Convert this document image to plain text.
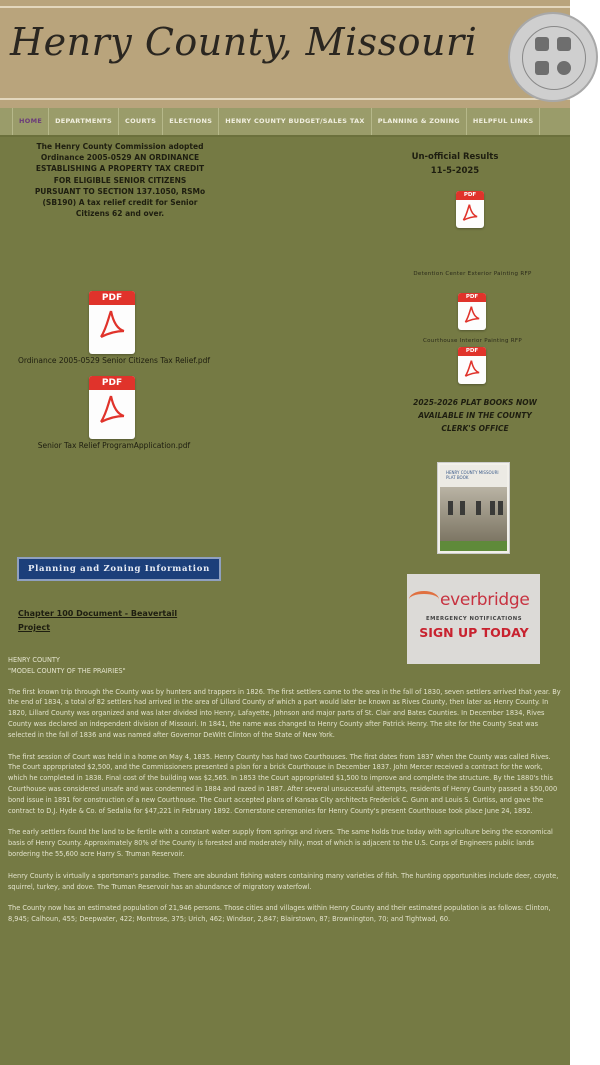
Henry County, Missouri
HOME	DEPARTMENTS	COURTS	ELECTIONS	HENRY COUNTY BUDGET/SALES TAX	PLANNING & ZONING	HELPFUL LINKS
The Henry County Commission adopted Ordinance 2005-0529 AN ORDINANCE ESTABLISHING A PROPERTY TAX CREDIT FOR ELIGIBLE SENIOR CITIZENS PURSUANT TO SECTION 137.1050, RSMo (SB190) A tax relief credit for Senior Citizens 62 and over.
PDF
Ordinance 2005-0529 Senior Citizens Tax Relief.pdf
PDF
Senior Tax Relief ProgramApplication.pdf
Planning and Zoning Information
Chapter 100 Document - Beavertail Project
Un-official Results
11-5-2025
PDF
Detention Center Exterior Painting RFP
PDF
Courthouse Interior Painting RFP
PDF
2025-2026 PLAT BOOKS NOW AVAILABLE IN THE COUNTY CLERK'S OFFICE
HENRY COUNTY MISSOURI PLAT BOOK
everbridge
EMERGENCY NOTIFICATIONS
SIGN UP TODAY
HENRY COUNTY
"MODEL COUNTY OF THE PRAIRIES"

The first known trip through the County was by hunters and trappers in 1826. The first settlers came to the area in the fall of 1830, seven settlers arrived that year. By the end of 1834, a total of 82 settlers had arrived in the area of Lillard County of which a part would later be known as Rives County, then later as Henry County. In 1820, Lillard County was organized and was later divided into Henry, Lafayette, Johnson and major parts of St. Clair and Bates Counties. In December 1834, Rives County was declared an independent division of Missouri. In 1841, the name was changed to Henry County after Patrick Henry. The site for the County Seat was selected in the fall of 1836 and was named after Governor DeWitt Clinton of the State of New York.

The first session of Court was held in a home on May 4, 1835. Henry County has had two Courthouses. The first dates from 1837 when the County was called Rives. The Court appropriated $2,500, and the Commissioners presented a plan for a brick Courthouse in December 1837. John Mercer received a contract for the work, which he completed in 1838. Final cost of the building was $2,565. In 1853 the Court appropriated $1,500 to improve and complete the structure. By the 1880's this Courthouse was considered unsafe and was condemned in 1884 and razed in 1887. After several unsuccessful attempts, residents of Henry County passed a $50,000 bond issue in 1891 for construction of a new Courthouse. The Court accepted plans of Kansas City architects Frederick C. Gunn and Louis S. Curtiss, and gave the contract to D.J. Hyde & Co. of Sedalia for $47,221 in February 1892. Cornerstone ceremonies for Henry County's present Courthouse took place June 24, 1892.

The early settlers found the land to be fertile with a constant water supply from springs and rivers. The same holds true today with agriculture being the economical basis of Henry County. Approximately 80% of the County is forested and moderately hilly, most of which is adjacent to the U.S. Corps of Engineers public lands bordering the 55,600 acre Harry S. Truman Reservoir.

Henry County is virtually a sportsman's paradise. There are abundant fishing waters containing many varieties of fish. The hunting opportunities include deer, coyote, squirrel, turkey, and dove. The Truman Reservoir has an abundance of migratory waterfowl.

The County now has an estimated population of 21,946 persons. Those cities and villages within Henry County and their estimated population is as follows: Clinton, 8,945; Calhoun, 455; Deepwater, 422; Montrose, 375; Urich, 462; Windsor, 2,847; Blairstown, 87; Brownington, 70; and Tightwad, 60.
